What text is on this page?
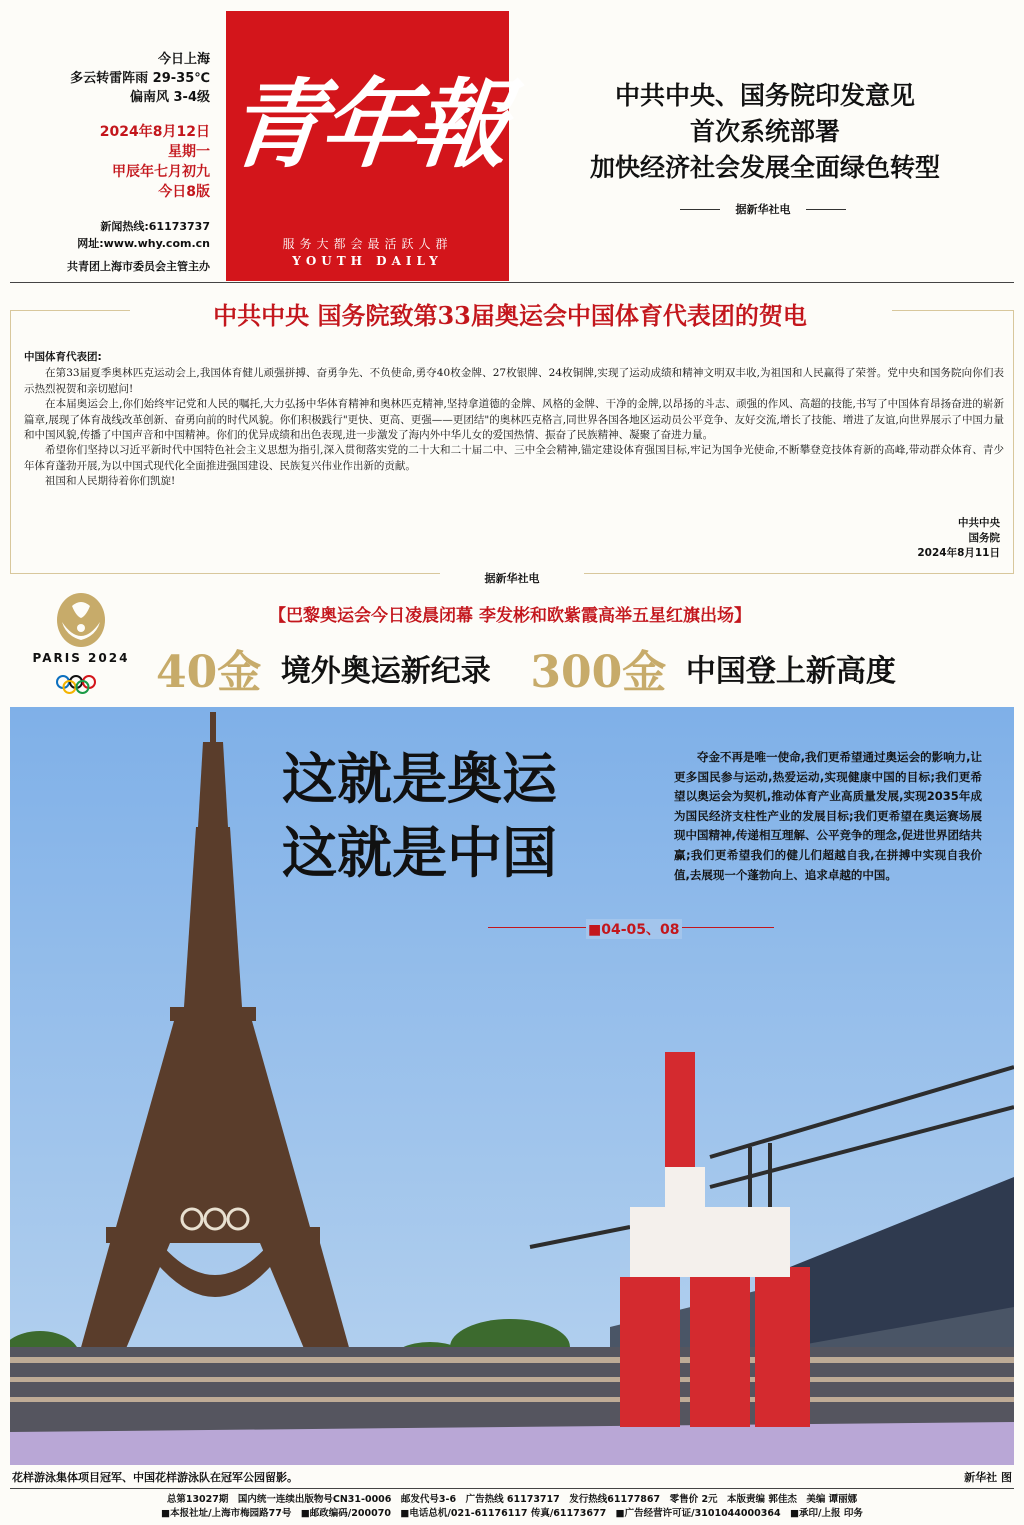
今日上海
多云转雷阵雨 29-35℃
偏南风 3-4级
2024年8月12日
星期一
甲辰年七月初九
今日8版
新闻热线:61173737
网址:www.why.com.cn
共青团上海市委员会主管主办
青年報
服务大都会最活跃人群
YOUTH DAILY
中共中央、国务院印发意见
首次系统部署
加快经济社会发展全面绿色转型
据新华社电
中共中央 国务院致第33届奥运会中国体育代表团的贺电

中国体育代表团:

在第33届夏季奥林匹克运动会上,我国体育健儿顽强拼搏、奋勇争先、不负使命,勇夺40枚金牌、27枚银牌、24枚铜牌,实现了运动成绩和精神文明双丰收,为祖国和人民赢得了荣誉。党中央和国务院向你们表示热烈祝贺和亲切慰问!

在本届奥运会上,你们始终牢记党和人民的嘱托,大力弘扬中华体育精神和奥林匹克精神,坚持拿道德的金牌、风格的金牌、干净的金牌,以昂扬的斗志、顽强的作风、高超的技能,书写了中国体育昂扬奋进的崭新篇章,展现了体育战线改革创新、奋勇向前的时代风貌。你们积极践行"更快、更高、更强——更团结"的奥林匹克格言,同世界各国各地区运动员公平竞争、友好交流,增长了技能、增进了友谊,向世界展示了中国力量和中国风貌,传播了中国声音和中国精神。你们的优异成绩和出色表现,进一步激发了海内外中华儿女的爱国热情、振奋了民族精神、凝聚了奋进力量。

希望你们坚持以习近平新时代中国特色社会主义思想为指引,深入贯彻落实党的二十大和二十届二中、三中全会精神,锚定建设体育强国目标,牢记为国争光使命,不断攀登竞技体育新的高峰,带动群众体育、青少年体育蓬勃开展,为以中国式现代化全面推进强国建设、民族复兴伟业作出新的贡献。

祖国和人民期待着你们凯旋!

中共中央
国务院
2024年8月11日
据新华社电
PARIS 2024
【巴黎奥运会今日凌晨闭幕 李发彬和欧紫霞高举五星红旗出场】
40金 境外奥运新纪录 300金 中国登上新高度
这就是奥运
这就是中国
夺金不再是唯一使命,我们更希望通过奥运会的影响力,让更多国民参与运动,热爱运动,实现健康中国的目标;我们更希望以奥运会为契机,推动体育产业高质量发展,实现2035年成为国民经济支柱性产业的发展目标;我们更希望在奥运赛场展现中国精神,传递相互理解、公平竞争的理念,促进世界团结共赢;我们更希望我们的健儿们超越自我,在拼搏中实现自我价值,去展现一个蓬勃向上、追求卓越的中国。
■04-05、08
花样游泳集体项目冠军、中国花样游泳队在冠军公园留影。	新华社 图
总第13027期　国内统一连续出版物号CN31-0006　邮发代号3-6　广告热线 61173717　发行热线61177867　零售价 2元　本版责编 郭佳杰　美编 谭丽娜
■本报社址/上海市梅园路77号　■邮政编码/200070　■电话总机/021-61176117 传真/61173677　■广告经营许可证/3101044000364　■承印/上报 印务
